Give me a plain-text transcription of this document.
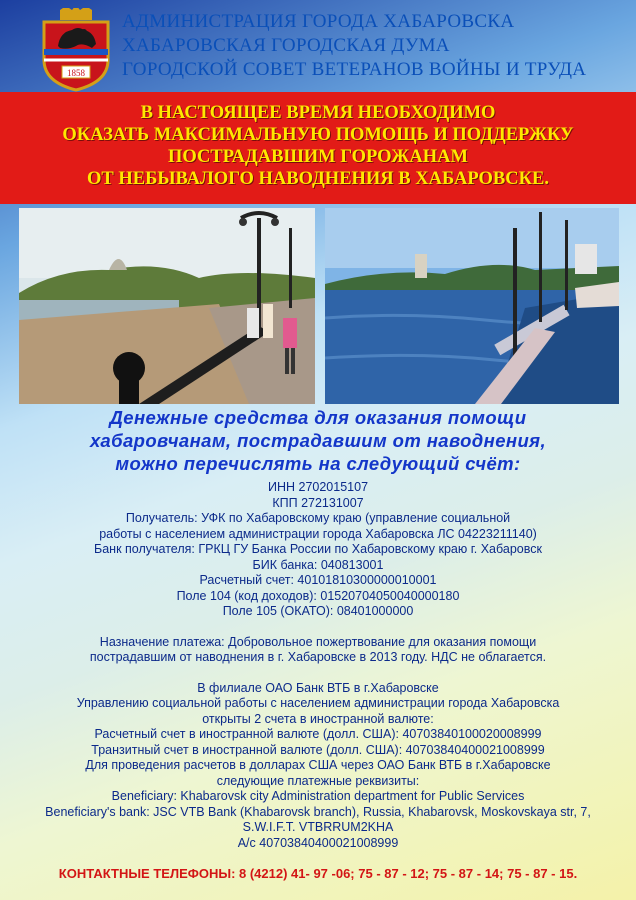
1858
АДМИНИСТРАЦИЯ ГОРОДА ХАБАРОВСКА
ХАБАРОВСКАЯ ГОРОДСКАЯ ДУМА
ГОРОДСКОЙ СОВЕТ ВЕТЕРАНОВ ВОЙНЫ И ТРУДА
В НАСТОЯЩЕЕ ВРЕМЯ НЕОБХОДИМО
ОКАЗАТЬ МАКСИМАЛЬНУЮ ПОМОЩЬ И ПОДДЕРЖКУ
ПОСТРАДАВШИМ ГОРОЖАНАМ
ОТ НЕБЫВАЛОГО НАВОДНЕНИЯ В ХАБАРОВСКЕ.
Денежные средства для оказания помощи
хабаровчанам, пострадавшим от наводнения,
можно перечислять на следующий счёт:
ИНН 2702015107
КПП 272131007
Получатель: УФК по Хабаровскому краю (управление социальной
работы с населением администрации города Хабаровска ЛС 04223211140)
Банк получателя: ГРКЦ ГУ Банка России по Хабаровскому краю г. Хабаровск
БИК банка: 040813001
Расчетный счет: 40101810300000010001
Поле 104 (код доходов): 01520704050040000180
Поле 105 (ОКАТО): 08401000000
Назначение платежа: Добровольное пожертвование для оказания помощи
пострадавшим от наводнения в г. Хабаровске в 2013 году. НДС не облагается.
В филиале ОАО Банк ВТБ в г.Хабаровске
Управлению социальной работы с населением администрации города Хабаровска
открыты 2 счета в иностранной валюте:
Расчетный счет в иностранной валюте (долл. США): 40703840100020008999
Транзитный счет в иностранной валюте (долл. США): 40703840400021008999
Для проведения расчетов в долларах США через ОАО Банк ВТБ в г.Хабаровске
следующие платежные реквизиты:
Beneficiary: Khabarovsk city Administration department for Public Services
Beneficiary's bank: JSC VTB Bank (Khabarovsk branch), Russia, Khabarovsk, Moskovskaya str, 7,
S.W.I.F.T. VTBRRUM2KHA
A/c 40703840400021008999
КОНТАКТНЫЕ ТЕЛЕФОНЫ: 8 (4212) 41- 97 -06; 75 - 87 - 12; 75 - 87 - 14; 75 - 87 - 15.
